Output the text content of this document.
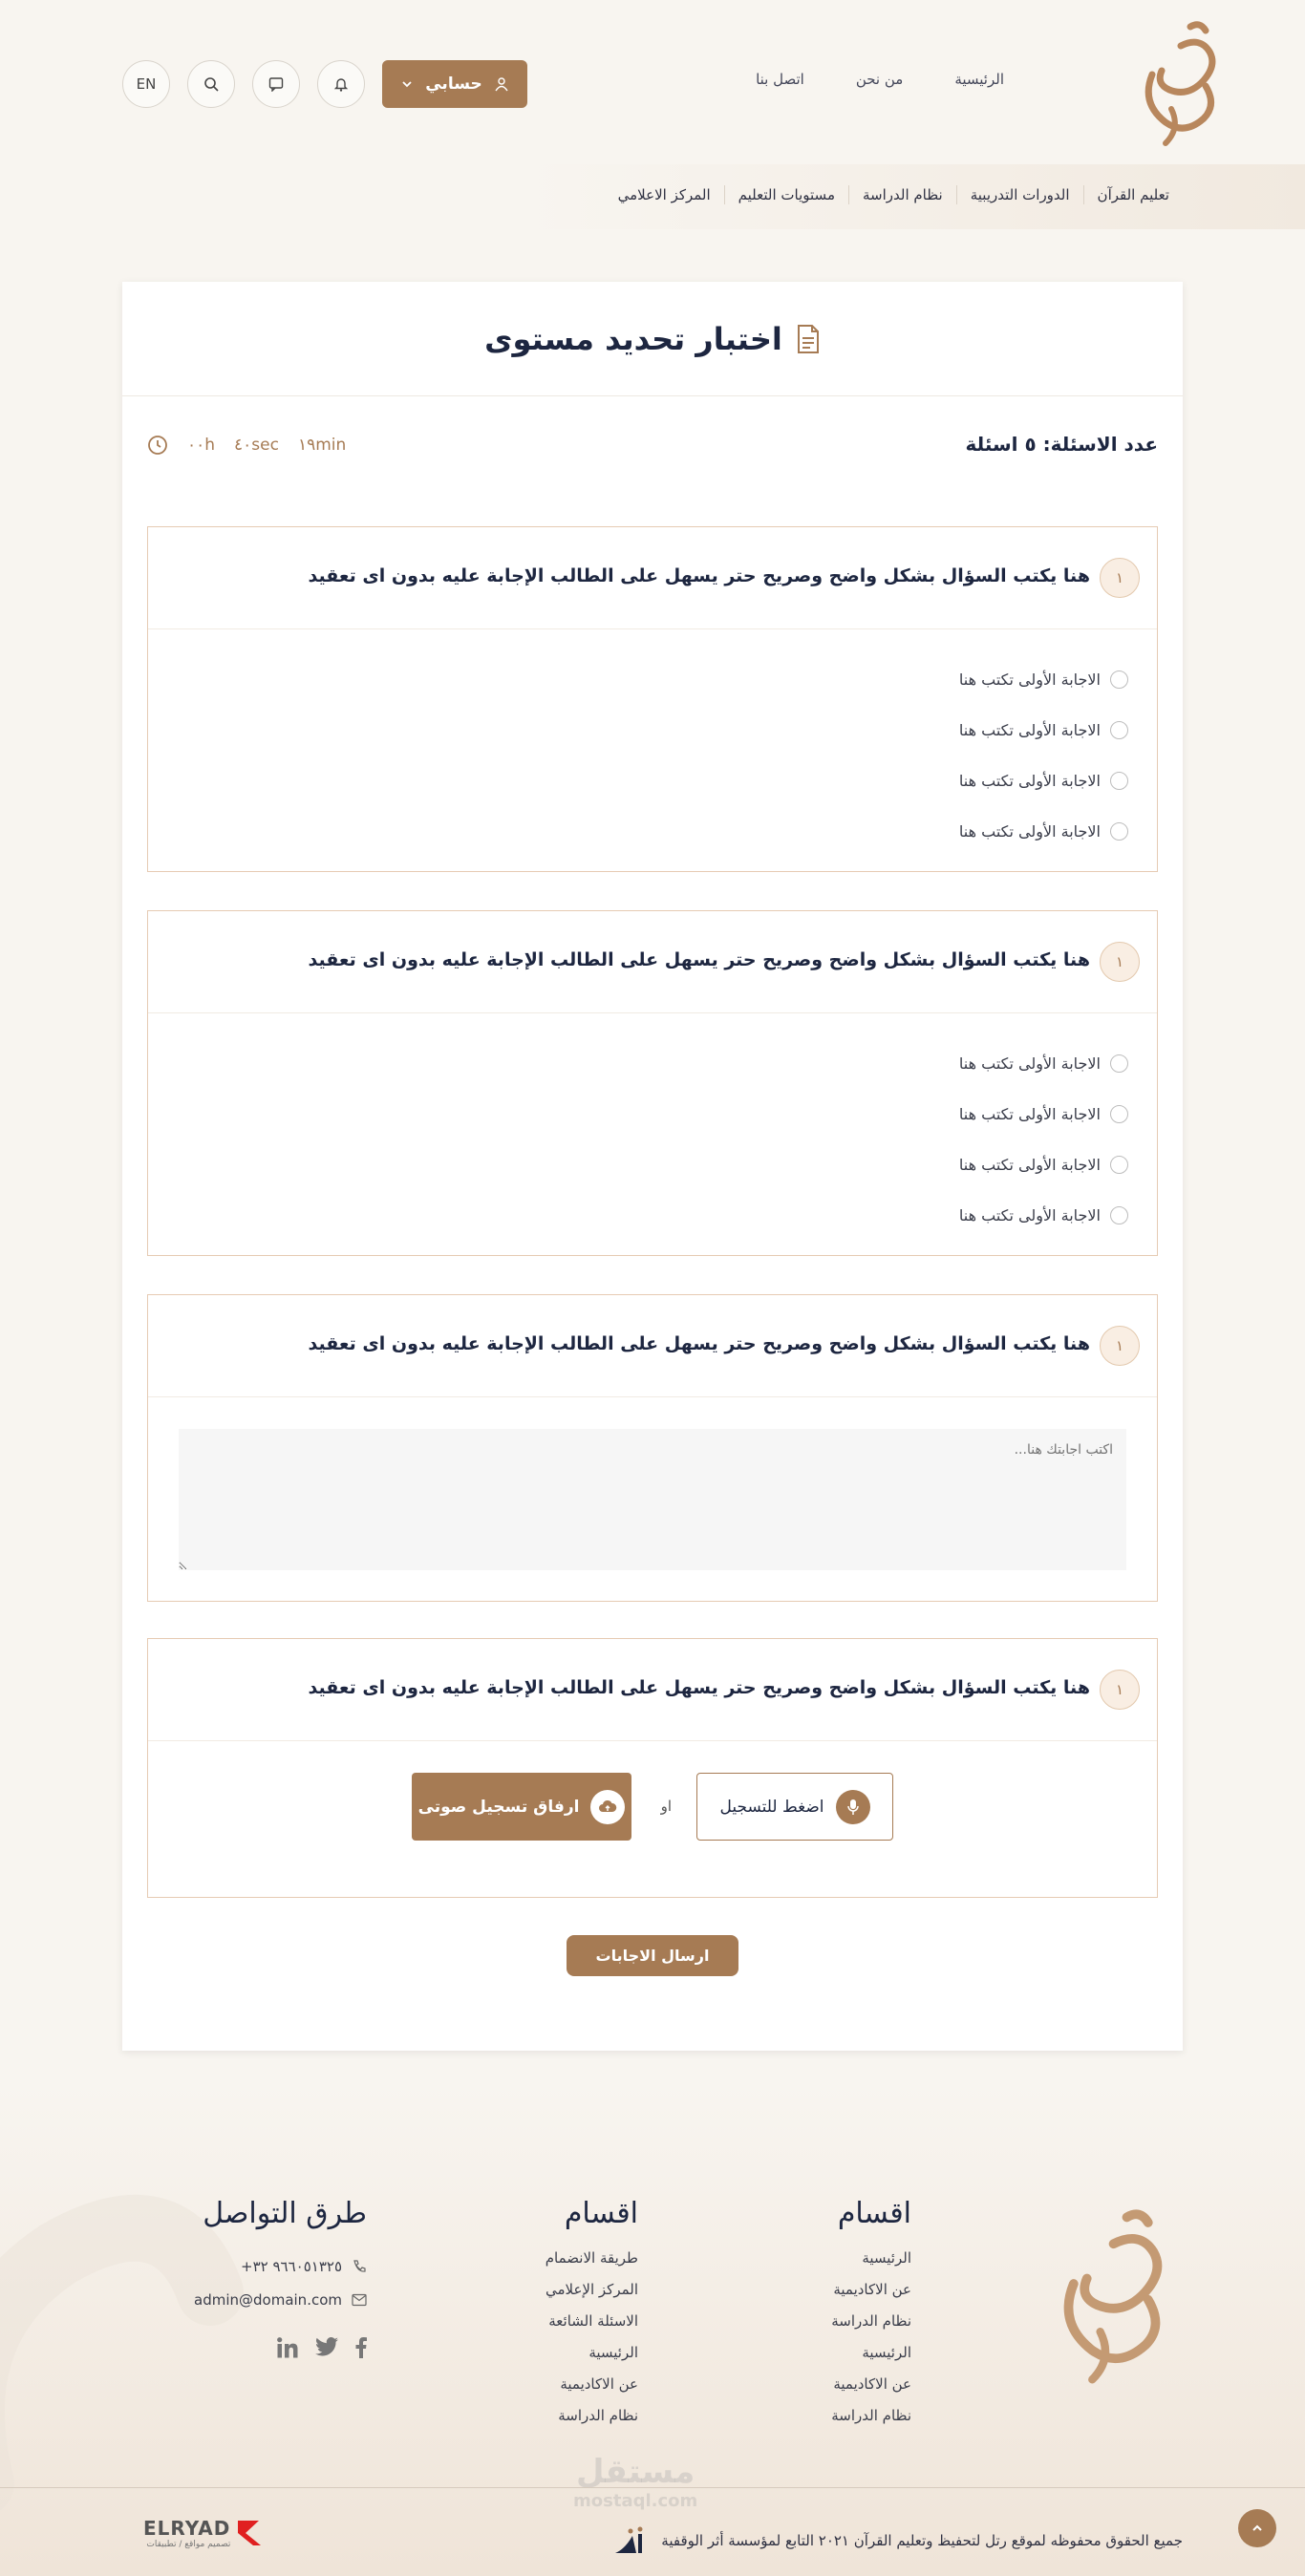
الرئيسية
من نحن
اتصل بنا
EN	حسابي
تعليم القرآن
الدورات التدريبية
نظام الدراسة
مستويات التعليم
المركز الاعلامي
اختبار تحديد مستوى
عدد الاسئلة: ٥ اسئلة
٠٠h ٤٠sec ١٩min
١
هنا يكتب السؤال بشكل واضح وصريح حتر يسهل على الطالب الإجابة عليه بدون اى تعقيد
الاجابة الأولى تكتب هنا
الاجابة الأولى تكتب هنا
الاجابة الأولى تكتب هنا
الاجابة الأولى تكتب هنا
١
هنا يكتب السؤال بشكل واضح وصريح حتر يسهل على الطالب الإجابة عليه بدون اى تعقيد
الاجابة الأولى تكتب هنا
الاجابة الأولى تكتب هنا
الاجابة الأولى تكتب هنا
الاجابة الأولى تكتب هنا
١
هنا يكتب السؤال بشكل واضح وصريح حتر يسهل على الطالب الإجابة عليه بدون اى تعقيد
اكتب اجابتك هنا...
١
هنا يكتب السؤال بشكل واضح وصريح حتر يسهل على الطالب الإجابة عليه بدون اى تعقيد
اضغط للتسجيل
او
ارفاق تسجيل صوتى
ارسال الاجابات
اقسام
الرئيسية
عن الاكاديمية
نظام الدراسة
الرئيسية
عن الاكاديمية
نظام الدراسة
اقسام
طريقة الانضمام
المركز الإعلامي
الاسئلة الشائعة
الرئيسية
عن الاكاديمية
نظام الدراسة
طرق التواصل
+٩٦٦٠٥١٣٢٥ ٣٢
admin@domain.com
مستقل
mostaql.com
جميع الحقوق محفوظه لموقع رتل لتحفيظ وتعليم القرآن ٢٠٢١ التابع لمؤسسة أثر الوقفية
ELRYAD
تصميم مواقع / تطبيقات
